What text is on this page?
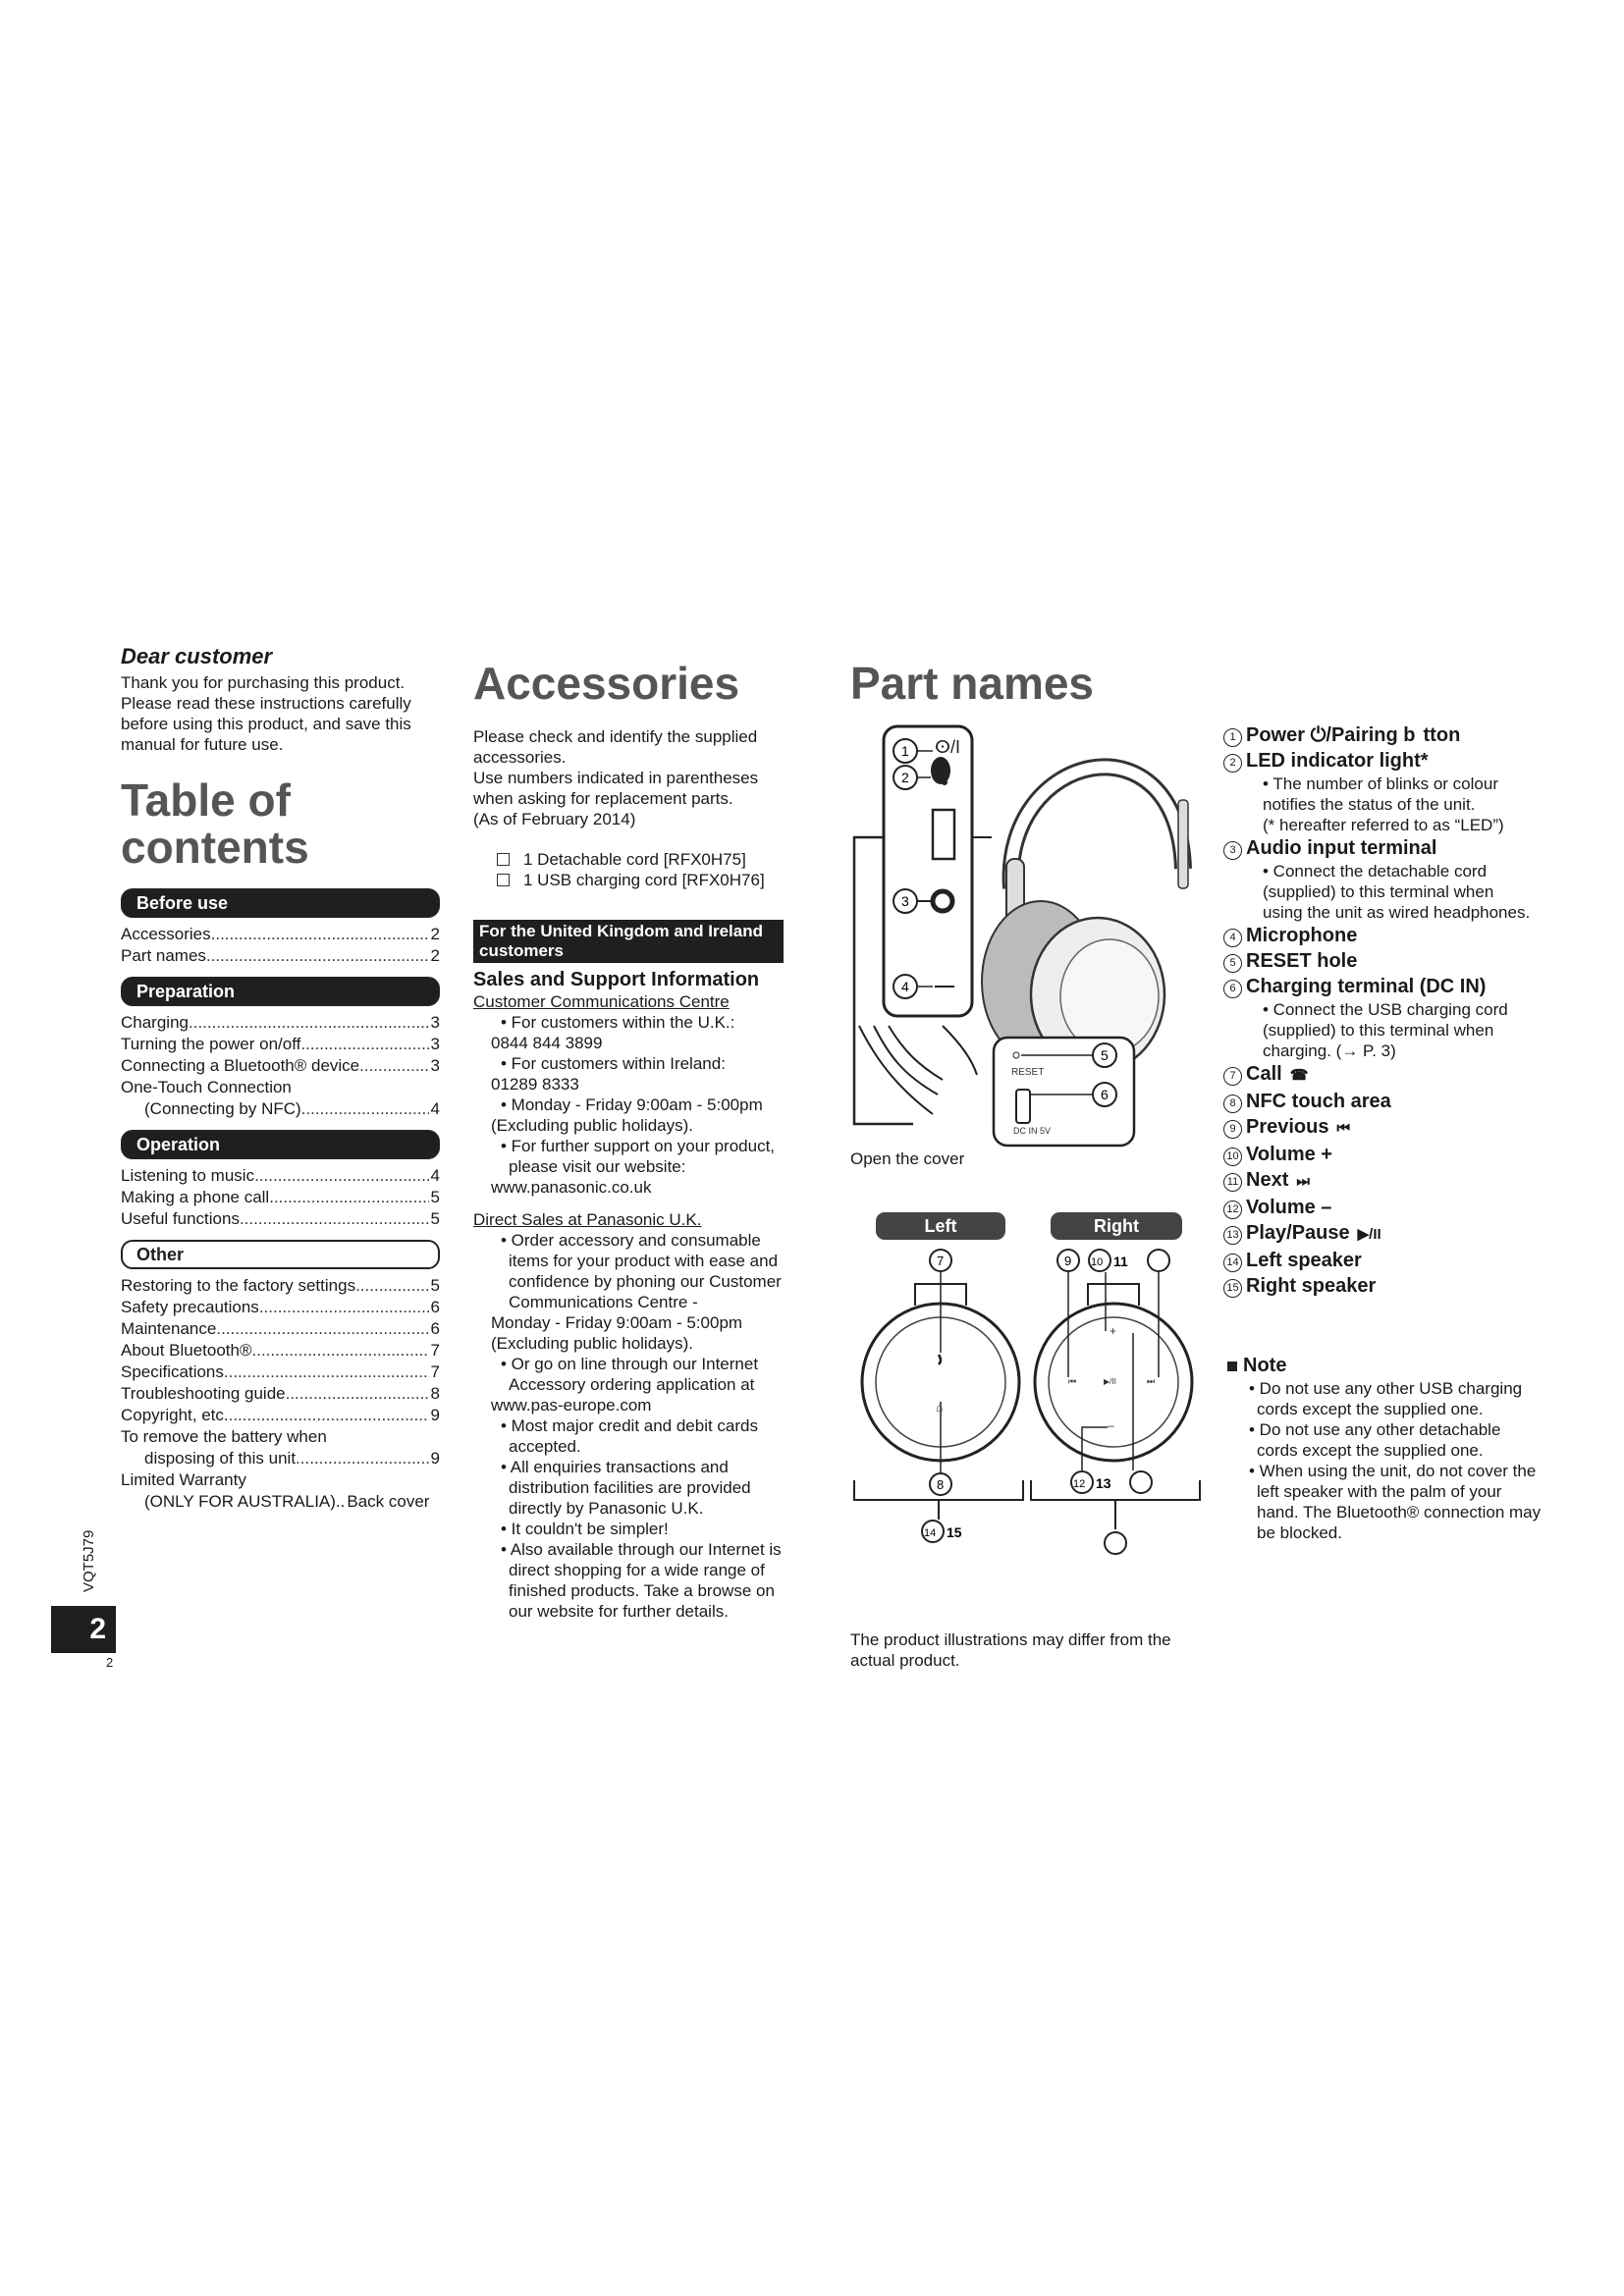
Dear customer
Thank you for purchasing this product. Please read these instructions carefully before using this product, and save this manual for future use.
Table of
contents
Before use
Accessories .....	2
Part names .....	2
Preparation
Charging .....	3
Turning the power on/off .....	3
Connecting a Bluetooth® device .....	3
One-Touch Connection
(Connecting by NFC) .....	4
Operation
Listening to music .....	4
Making a phone call .....	5
Useful functions .....	5
Other
Restoring to the factory settings .....	5
Safety precautions .....	6
Maintenance .....	6
About Bluetooth® .....	7
Specifications .....	7
Troubleshooting guide .....	8
Copyright, etc. .....	9
To remove the battery when
disposing of this unit .....	9
Limited Warranty
(ONLY FOR AUSTRALIA).. Back cover
VQT5J79
2
2
Accessories
Please check and identify the supplied accessories.
Use numbers indicated in parentheses when asking for replacement parts.
(As of February 2014)
1 Detachable cord [RFX0H75]
1 USB charging cord [RFX0H76]
For the United Kingdom and Ireland customers
Sales and Support Information
Customer Communications Centre
• For customers within the U.K.:
0844 844 3899
• For customers within Ireland:
01289 8333
• Monday - Friday 9:00am - 5:00pm
(Excluding public holidays).
• For further support on your product, please visit our website:
www.panasonic.co.uk
Direct Sales at Panasonic U.K.
• Order accessory and consumable items for your product with ease and confidence by phoning our Customer Communications Centre -
Monday - Friday 9:00am - 5:00pm
(Excluding public holidays).
• Or go on line through our Internet Accessory ordering application at
www.pas-europe.com
• Most major credit and debit cards accepted.
• All enquiries transactions and distribution facilities are provided directly by Panasonic U.K.
• It couldn't be simpler!
• Also available through our Internet is direct shopping for a wide range of finished products. Take a browse on our website for further details.
Part names
ⵙ/I
1
2
3
4
RESET
DC IN 5V
5
6
Open the cover
Left	Right
⌂
7
8
+
⏮	▶/II	⏭
–
9 10 11
12 13
14 15
The product illustrations may differ from the actual product.
1 Power ⏻/Pairing b  tton
2 LED indicator light*
• The number of blinks or colour notifies the status of the unit.
(* hereafter referred to as “LED”)
3 Audio input terminal
• Connect the detachable cord (supplied) to this terminal when using the unit as wired headphones.
4 Microphone
5 RESET hole
6 Charging terminal (DC IN)
• Connect the USB charging cord (supplied) to this terminal when charging. (→ P. 3)
7 Call ☎
8 NFC touch area
9 Previous ⏮
10 Volume +
11 Next ⏭
12 Volume –
13 Play/Pause ▶/II
14 Left speaker
15 Right speaker
Note
• Do not use any other USB charging cords except the supplied one.
• Do not use any other detachable cords except the supplied one.
• When using the unit, do not cover the left speaker with the palm of your hand. The Bluetooth® connection may be blocked.
